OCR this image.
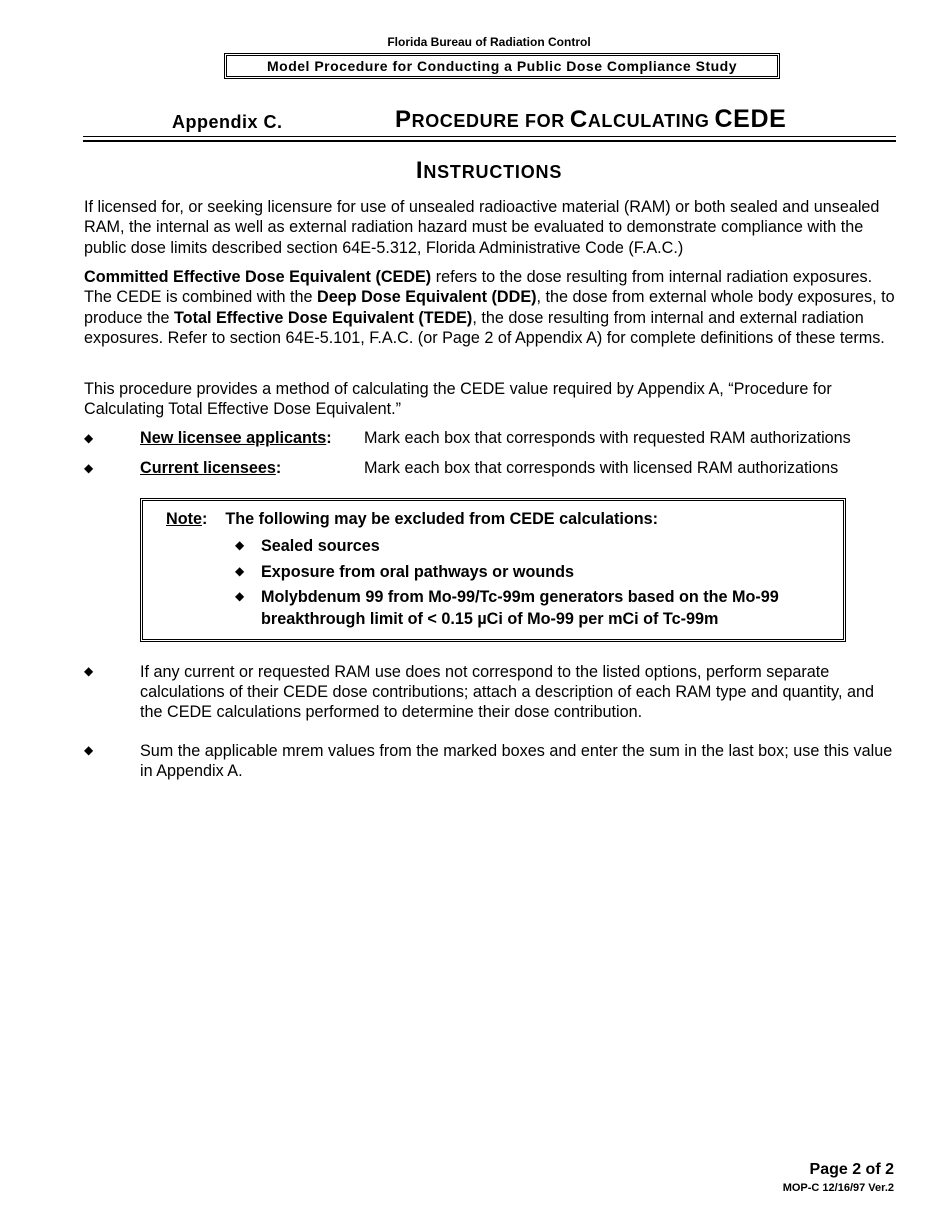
Florida Bureau of Radiation Control
Model Procedure for Conducting a Public Dose Compliance Study
Appendix C.	PROCEDURE FOR CALCULATING CEDE
INSTRUCTIONS
If licensed for, or seeking licensure for use of unsealed radioactive material (RAM) or both sealed and unsealed RAM, the internal as well as external radiation hazard must be evaluated to demonstrate compliance with the public dose limits described section 64E-5.312, Florida Administrative Code (F.A.C.)
Committed Effective Dose Equivalent (CEDE) refers to the dose resulting from internal radiation exposures. The CEDE is combined with the Deep Dose Equivalent (DDE), the dose from external whole body exposures, to produce the Total Effective Dose Equivalent (TEDE), the dose resulting from internal and external radiation exposures. Refer to section 64E-5.101, F.A.C. (or Page 2 of Appendix A) for complete definitions of these terms.
This procedure provides a method of calculating the CEDE value required by Appendix A, “Procedure for Calculating Total Effective Dose Equivalent.”
◆	New licensee applicants: Mark each box that corresponds with requested RAM authorizations
◆	Current licensees:	Mark each box that corresponds with licensed RAM authorizations
Note:    The following may be excluded from CEDE calculations:
◆ Sealed sources
◆ Exposure from oral pathways or wounds
◆ Molybdenum 99 from Mo-99/Tc-99m generators based on the Mo-99 breakthrough limit of < 0.15 µCi of Mo-99 per mCi of Tc-99m
◆	If any current or requested RAM use does not correspond to the listed options, perform separate calculations of their CEDE dose contributions; attach a description of each RAM type and quantity, and the CEDE calculations performed to determine their dose contribution.
◆	Sum the applicable mrem values from the marked boxes and enter the sum in the last box; use this value in Appendix A.
Page 2 of 2
MOP-C 12/16/97 Ver.2
